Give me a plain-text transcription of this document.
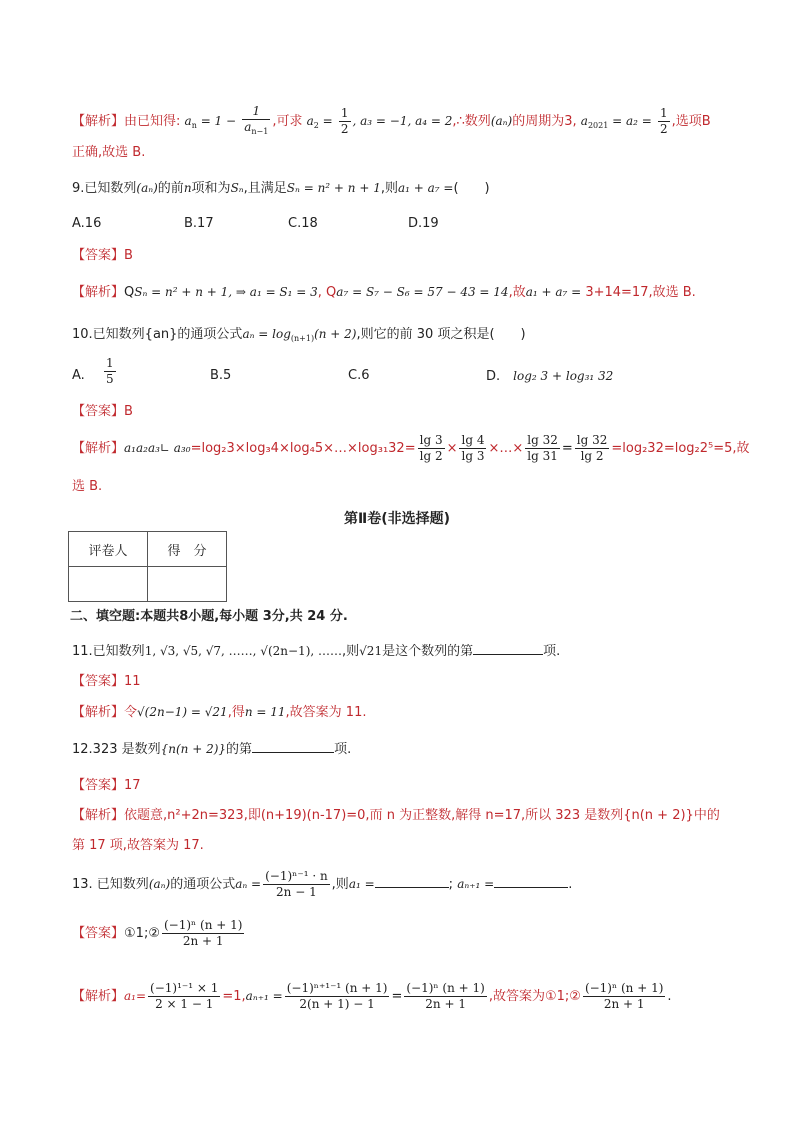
【解析】由已知得: $a_n = 1 - \frac{1}{a_{n-1}}$ ,可求 $a_2 = \frac{1}{2}$ , a₃ = −1, a₄ = 2,∴数列(aₙ)的周期为3, $a_{2021} = a_2 = \frac{1}{2}$ ,选项B
正确,故选 B.
9.已知数列(aₙ)的前n项和为Sₙ,且满足Sₙ = n² + n + 1,则a₁ + a₇ =(　　)
A.16	B.17	C.18	D.19
【答案】B
【解析】QSₙ = n² + n + 1, ⇒ a₁ = S₁ = 3, Qa₇ = S₇ − S₆ = 57 − 43 = 14,故a₁ + a₇ = 3+14=17,故选 B.
10.已知数列{an}的通项公式$a_n = \log_{(n+1)}(n + 2)$,则它的前 30 项之积是(　　)
A. $\frac{1}{5}$	B.5	C.6	D.　 log₂ 3 + log₃₁ 32
【答案】B
【解析】a₁a₂a₃∟ a₃₀=log₂3×log₃4×log₄5×…×log₃₁32= $\frac{\lg 3}{\lg 2} \times \frac{\lg 4}{\lg 3}$ ×…× $\frac{\lg 32}{\lg 31} = \frac{\lg 32}{\lg 2} =\log_232=\log_22^5=5$,故
选 B.
第Ⅱ卷(非选择题)
评卷人	得　分

二、填空题:本题共8小题,每小题 3分,共 24 分.
11.已知数列1, √3, √5, √7, ……, √(2n−1), ……,则√21是这个数列的第	项.
【答案】11
【解析】令√(2n−1) = √21,得n = 11,故答案为 11.
12.323 是数列{n(n + 2)}的第	项.
【答案】17
【解析】依题意,n²+2n=323,即(n+19)(n-17)=0,而 n 为正整数,解得 n=17,所以 323 是数列{n(n + 2)}中的
第 17 项,故答案为 17.
13. 已知数列(aₙ)的通项公式$a_n = \frac{\text{(−1)ⁿ⁻¹ · n}}{2n - 1}$ ,则a₁ =	; aₙ₊₁ =	.
【答案】①1;② $\frac{\text{(−1)ⁿ (n + 1)}}{2n + 1}$
【解析】$a_1= \frac{\text{(−1)¹⁻¹ × 1}}{2 \times 1 - 1} =1,a_{n+1} = \frac{\text{(−1)ⁿ⁺¹⁻¹ (n + 1)}}{2(n + 1) - 1} = \frac{\text{(−1)ⁿ (n + 1)}}{2n + 1}$ ,故答案为①1;② $\frac{\text{(−1)ⁿ (n + 1)}}{2n + 1}$ .
